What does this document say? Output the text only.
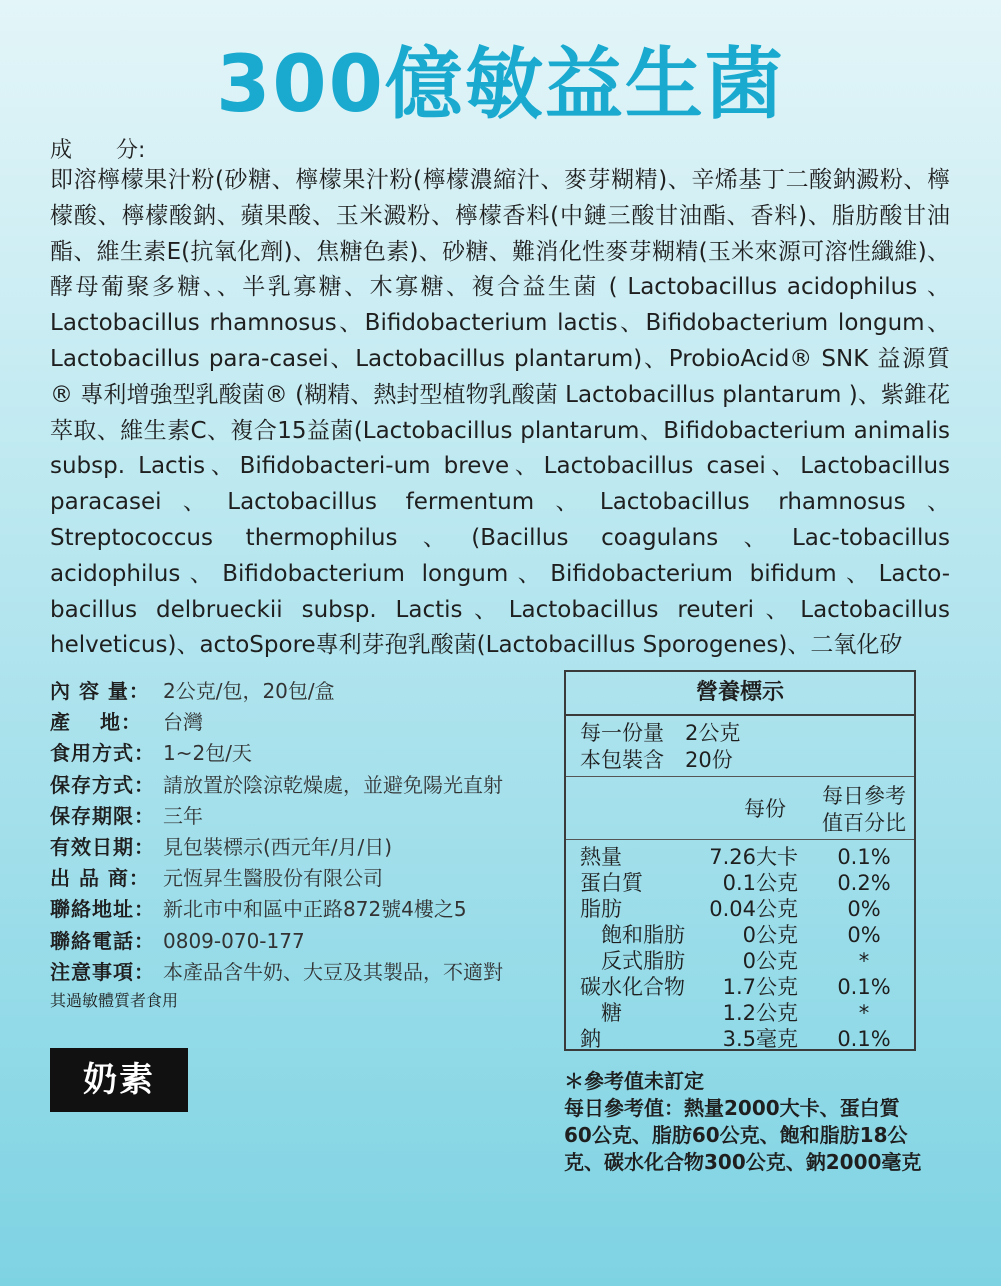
300億敏益生菌
成 分:
即溶檸檬果汁粉(砂糖、檸檬果汁粉(檸檬濃縮汁、麥芽糊精)、辛烯基丁二酸鈉澱粉、檸檬酸、檸檬酸鈉、蘋果酸、玉米澱粉、檸檬香料(中鏈三酸甘油酯、香料)、脂肪酸甘油酯、維生素E(抗氧化劑)、焦糖色素)、砂糖、難消化性麥芽糊精(玉米來源可溶性纖維)、酵母葡聚多糖、、半乳寡糖、木寡糖、複合益生菌 ( Lactobacillus acidophilus 、 Lactobacillus rhamnosus、Bifidobacterium lactis、Bifidobacterium longum、Lactobacillus para-casei、Lactobacillus plantarum)、ProbioAcid® SNK 益源質® 專利增強型乳酸菌® (糊精、熱封型植物乳酸菌 Lactobacillus plantarum )、紫錐花萃取、維生素C、複合15益菌(Lactobacillus plantarum、Bifidobacterium animalis subsp. Lactis、Bifidobacteri-um breve、Lactobacillus casei、Lactobacillus paracasei、Lactobacillus fermentum、Lactobacillus rhamnosus、Streptococcus thermophilus、(Bacillus coagulans、Lac-tobacillus acidophilus、Bifidobacterium longum、Bifidobacterium bifidum、Lacto-bacillus delbrueckii subsp. Lactis、Lactobacillus reuteri、Lactobacillus helveticus)、actoSpore專利芽孢乳酸菌(Lactobacillus Sporogenes)、二氧化矽
內 容 量： 2公克/包，20包/盒
產　 地：	台灣
食用方式： 1~2包/天
保存方式： 請放置於陰涼乾燥處，並避免陽光直射
保存期限： 三年
有效日期： 見包裝標示(西元年/月/日)
出 品 商： 元恆昇生醫股份有限公司
聯絡地址： 新北市中和區中正路872號4樓之5
聯絡電話： 0809-070-177
注意事項： 本產品含牛奶、大豆及其製品，不適對
其過敏體質者食用
奶素
營養標示
每一份量　2公克
本包裝含　20份
每份
每日參考
值百分比
熱量	7.26大卡	0.1%
蛋白質	0.1公克	0.2%
脂肪	0.04公克	0%
　飽和脂肪	0公克	0%
　反式脂肪	0公克	*
碳水化合物 1.7公克	0.1%
　糖	1.2公克	*
鈉	3.5毫克	0.1%
＊參考值未訂定
每日參考值：熱量2000大卡、蛋白質60公克、脂肪60公克、飽和脂肪18公克、碳水化合物300公克、鈉2000毫克
